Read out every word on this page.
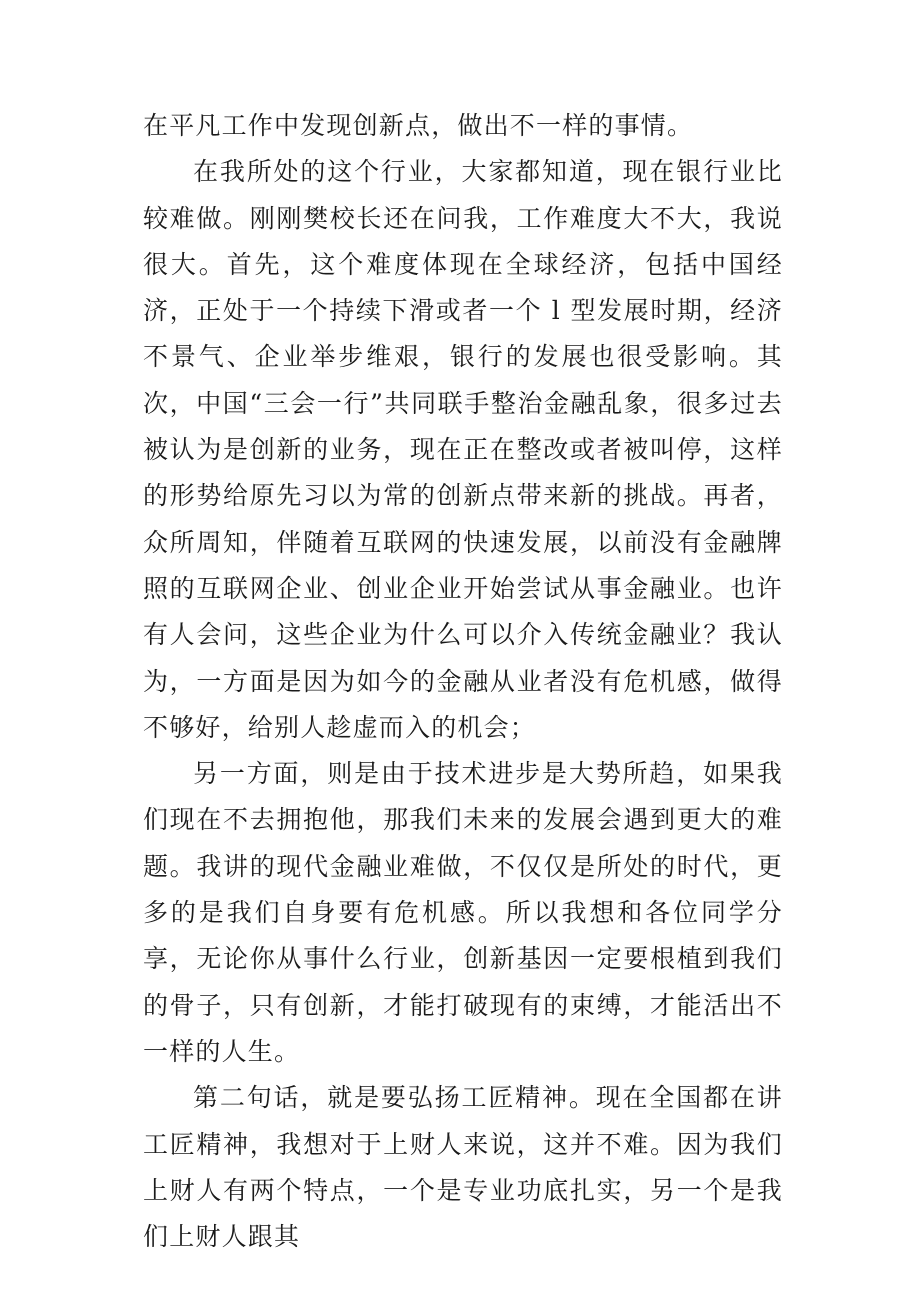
在平凡工作中发现创新点，做出不一样的事情。

在我所处的这个行业，大家都知道，现在银行业比较难做。刚刚樊校长还在问我，工作难度大不大，我说很大。首先，这个难度体现在全球经济，包括中国经济，正处于一个持续下滑或者一个 l 型发展时期，经济不景气、企业举步维艰，银行的发展也很受影响。其次，中国“三会一行”共同联手整治金融乱象，很多过去被认为是创新的业务，现在正在整改或者被叫停，这样的形势给原先习以为常的创新点带来新的挑战。再者，众所周知，伴随着互联网的快速发展，以前没有金融牌照的互联网企业、创业企业开始尝试从事金融业。也许有人会问，这些企业为什么可以介入传统金融业？我认为，一方面是因为如今的金融从业者没有危机感，做得不够好，给别人趁虚而入的机会；

另一方面，则是由于技术进步是大势所趋，如果我们现在不去拥抱他，那我们未来的发展会遇到更大的难题。我讲的现代金融业难做，不仅仅是所处的时代，更多的是我们自身要有危机感。所以我想和各位同学分享，无论你从事什么行业，创新基因一定要根植到我们的骨子，只有创新，才能打破现有的束缚，才能活出不一样的人生。

第二句话，就是要弘扬工匠精神。现在全国都在讲工匠精神，我想对于上财人来说，这并不难。因为我们上财人有两个特点，一个是专业功底扎实，另一个是我们上财人跟其
